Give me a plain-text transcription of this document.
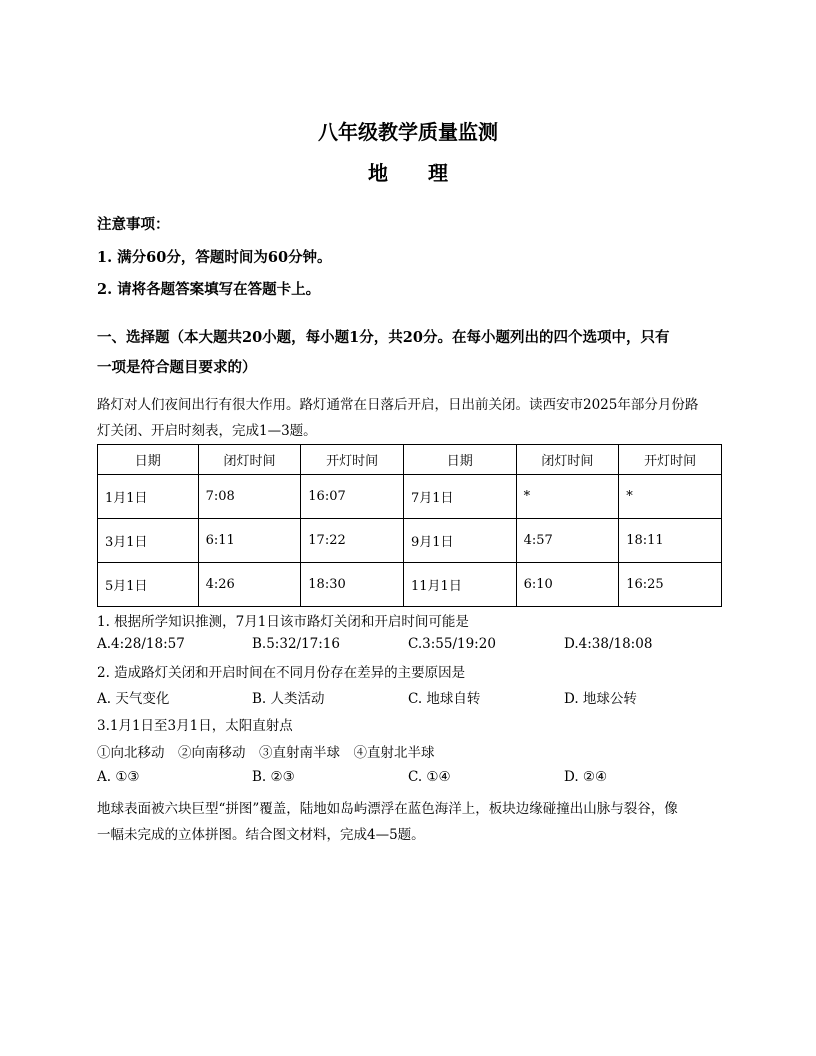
八年级教学质量监测
地　　理
注意事项：
1. 满分60分，答题时间为60分钟。
2. 请将各题答案填写在答题卡上。
一、选择题（本大题共20小题，每小题1分，共20分。在每小题列出的四个选项中，只有
一项是符合题目要求的）
路灯对人们夜间出行有很大作用。路灯通常在日落后开启，日出前关闭。读西安市2025年部分月份路
灯关闭、开启时刻表，完成1—3题。
日期	闭灯时间	开灯时间	日期	闭灯时间	开灯时间
1月1日	7:08	16:07	7月1日	*	*
3月1日	6:11	17:22	9月1日	4:57	18:11
5月1日	4:26	18:30	11月1日	6:10	16:25
1. 根据所学知识推测，7月1日该市路灯关闭和开启时间可能是
A.4:28/18:57	B.5:32/17:16	C.3:55/19:20	D.4:38/18:08
2. 造成路灯关闭和开启时间在不同月份存在差异的主要原因是
A. 天气变化	B. 人类活动	C. 地球自转	D. 地球公转
3.1月1日至3月1日，太阳直射点
①向北移动　②向南移动　③直射南半球　④直射北半球
A. ①③	B. ②③	C. ①④	D. ②④
地球表面被六块巨型“拼图”覆盖，陆地如岛屿漂浮在蓝色海洋上，板块边缘碰撞出山脉与裂谷，像
一幅未完成的立体拼图。结合图文材料，完成4—5题。
